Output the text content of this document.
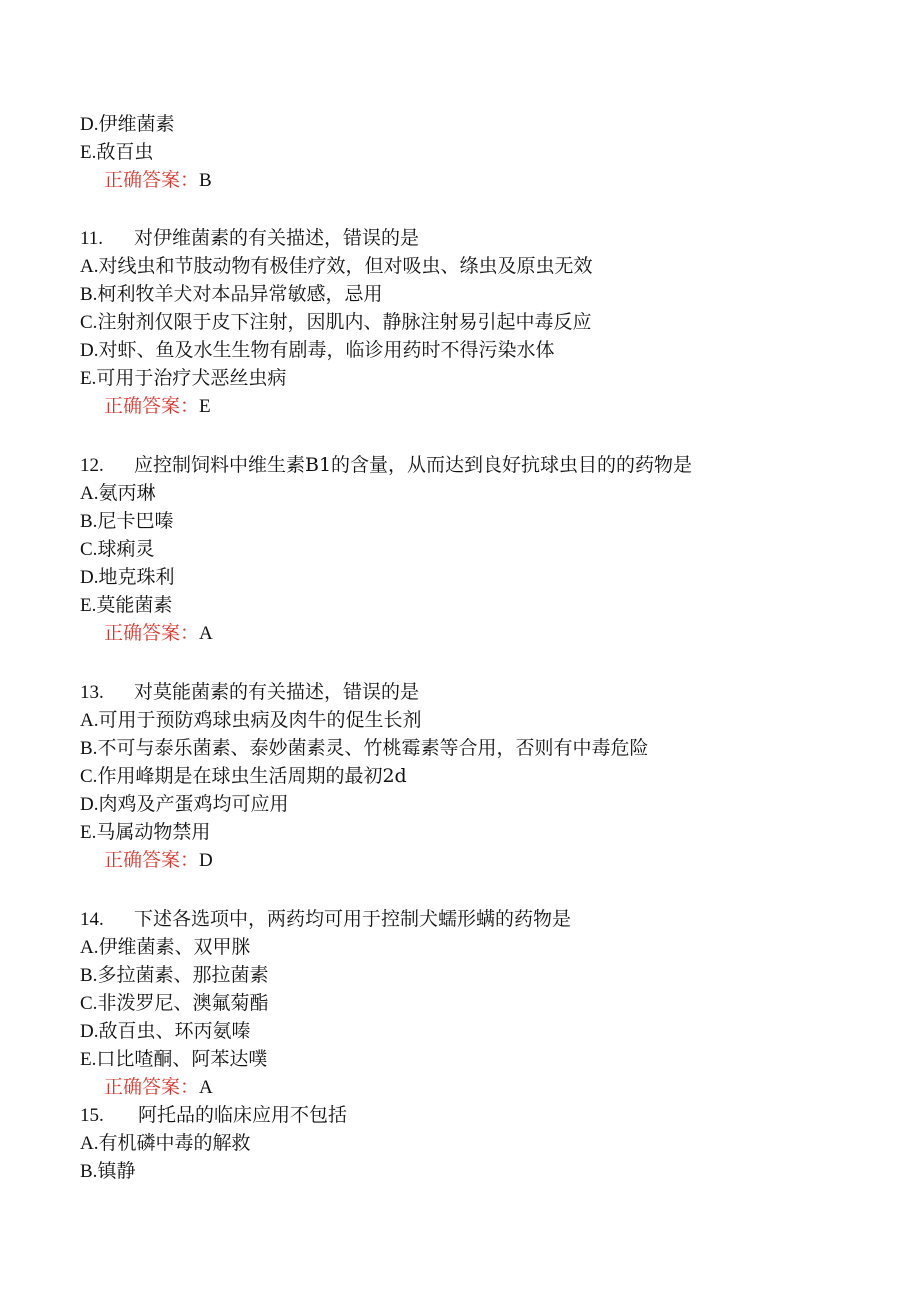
D.伊维菌素
E.敌百虫
正确答案：B
11. 对伊维菌素的有关描述，错误的是
A.对线虫和节肢动物有极佳疗效，但对吸虫、绦虫及原虫无效
B.柯利牧羊犬对本品异常敏感，忌用
C.注射剂仅限于皮下注射，因肌内、静脉注射易引起中毒反应
D.对虾、鱼及水生生物有剧毒，临诊用药时不得污染水体
E.可用于治疗犬恶丝虫病
正确答案：E
12. 应控制饲料中维生素B1的含量，从而达到良好抗球虫目的的药物是
A.氨丙琳
B.尼卡巴嗪
C.球痢灵
D.地克珠利
E.莫能菌素
正确答案：A
13. 对莫能菌素的有关描述，错误的是
A.可用于预防鸡球虫病及肉牛的促生长剂
B.不可与泰乐菌素、泰妙菌素灵、竹桃霉素等合用，否则有中毒危险
C.作用峰期是在球虫生活周期的最初2d
D.肉鸡及产蛋鸡均可应用
E.马属动物禁用
正确答案：D
14. 下述各选项中，两药均可用于控制犬蠕形螨的药物是
A.伊维菌素、双甲脒
B.多拉菌素、那拉菌素
C.非泼罗尼、澳氟菊酯
D.敌百虫、环丙氨嗪
E.口比喳酮、阿苯达噗
正确答案：A
15. 阿托品的临床应用不包括
A.有机磷中毒的解救
B.镇静
